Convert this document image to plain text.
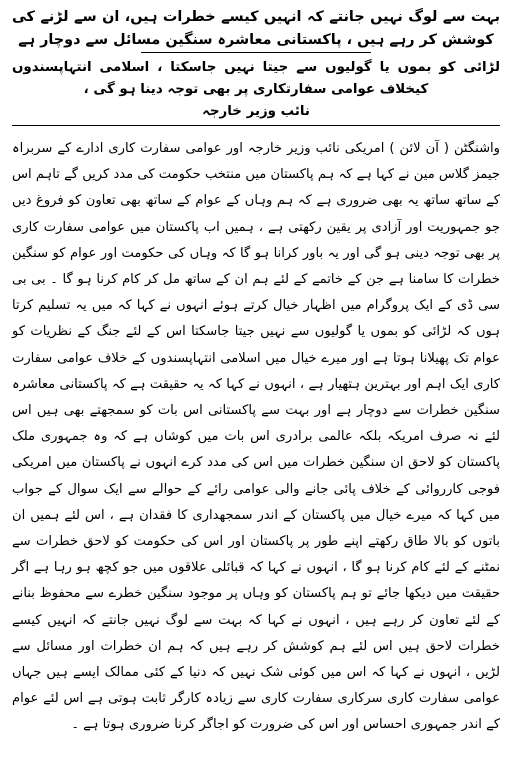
بہت سے لوگ نہیں جانتے کہ انہیں کیسے خطرات ہیں، ان سے لڑنے کی کوشش کر رہے ہیں ، پاکستانی معاشرہ سنگین مسائل سے دوچار ہے
لڑائی کو بموں یا گولیوں سے جیتا نہیں جاسکتا ، اسلامی انتہاپسندوں کیخلاف عوامی سفارتکاری پر بھی توجہ دینا ہو گی ،
نائب وزیر خارجہ

واشنگٹن ( آن لائن ) امریکی نائب وزیر خارجہ اور عوامی سفارت کاری ادارے کے سربراہ جیمز گلاس مین نے کہا ہے کہ ہم پاکستان میں منتخب حکومت کی مدد کریں گے تاہم اس کے ساتھ ساتھ یہ بھی ضروری ہے کہ ہم وہاں کے عوام کے ساتھ بھی تعاون کو فروغ دیں جو جمہوریت اور آزادی پر یقین رکھتی ہے ، ہمیں اب پاکستان میں عوامی سفارت کاری پر بھی توجہ دینی ہو گی اور یہ باور کرانا ہو گا کہ وہاں کی حکومت اور عوام کو سنگین خطرات کا سامنا ہے جن کے خاتمے کے لئے ہم ان کے ساتھ مل کر کام کرنا ہو گا ۔ بی بی سی ڈی کے ایک پروگرام میں اظہار خیال کرتے ہوئے انہوں نے کہا کہ میں یہ تسلیم کرتا ہوں کہ لڑائی کو بموں یا گولیوں سے نہیں جیتا جاسکتا اس کے لئے جنگ کے نظریات کو عوام تک پھیلانا ہوتا ہے اور میرے خیال میں اسلامی انتہاپسندوں کے خلاف عوامی سفارت کاری ایک اہم اور بہترین ہتھیار ہے ، انہوں نے کہا کہ یہ حقیقت ہے کہ پاکستانی معاشرہ سنگین خطرات سے دوچار ہے اور بہت سے پاکستانی اس بات کو سمجھتے بھی ہیں اس لئے نہ صرف امریکہ بلکہ عالمی برادری اس بات میں کوشاں ہے کہ وہ جمہوری ملک پاکستان کو لاحق ان سنگین خطرات میں اس کی مدد کرے انہوں نے پاکستان میں امریکی فوجی کارروائی کے خلاف پائی جانے والی عوامی رائے کے حوالے سے ایک سوال کے جواب میں کہا کہ میرے خیال میں پاکستان کے اندر سمجھداری کا فقدان ہے ، اس لئے ہمیں ان باتوں کو بالا طاق رکھتے اپنے طور پر پاکستان اور اس کی حکومت کو لاحق خطرات سے نمٹنے کے لئے کام کرنا ہو گا ، انہوں نے کہا کہ قبائلی علاقوں میں جو کچھ ہو رہا ہے اگر حقیقت میں دیکھا جائے تو ہم پاکستان کو وہاں پر موجود سنگین خطرے سے محفوظ بنانے کے لئے تعاون کر رہے ہیں ، انہوں نے کہا کہ بہت سے لوگ نہیں جانتے کہ انہیں کیسے خطرات لاحق ہیں اس لئے ہم کوشش کر رہے ہیں کہ ہم ان خطرات اور مسائل سے لڑیں ، انہوں نے کہا کہ اس میں کوئی شک نہیں کہ دنیا کے کئی ممالک ایسے ہیں جہاں عوامی سفارت کاری سرکاری سفارت کاری سے زیادہ کارگر ثابت ہوتی ہے اس لئے عوام کے اندر جمہوری احساس اور اس کی ضرورت کو اجاگر کرنا ضروری ہوتا ہے ۔
